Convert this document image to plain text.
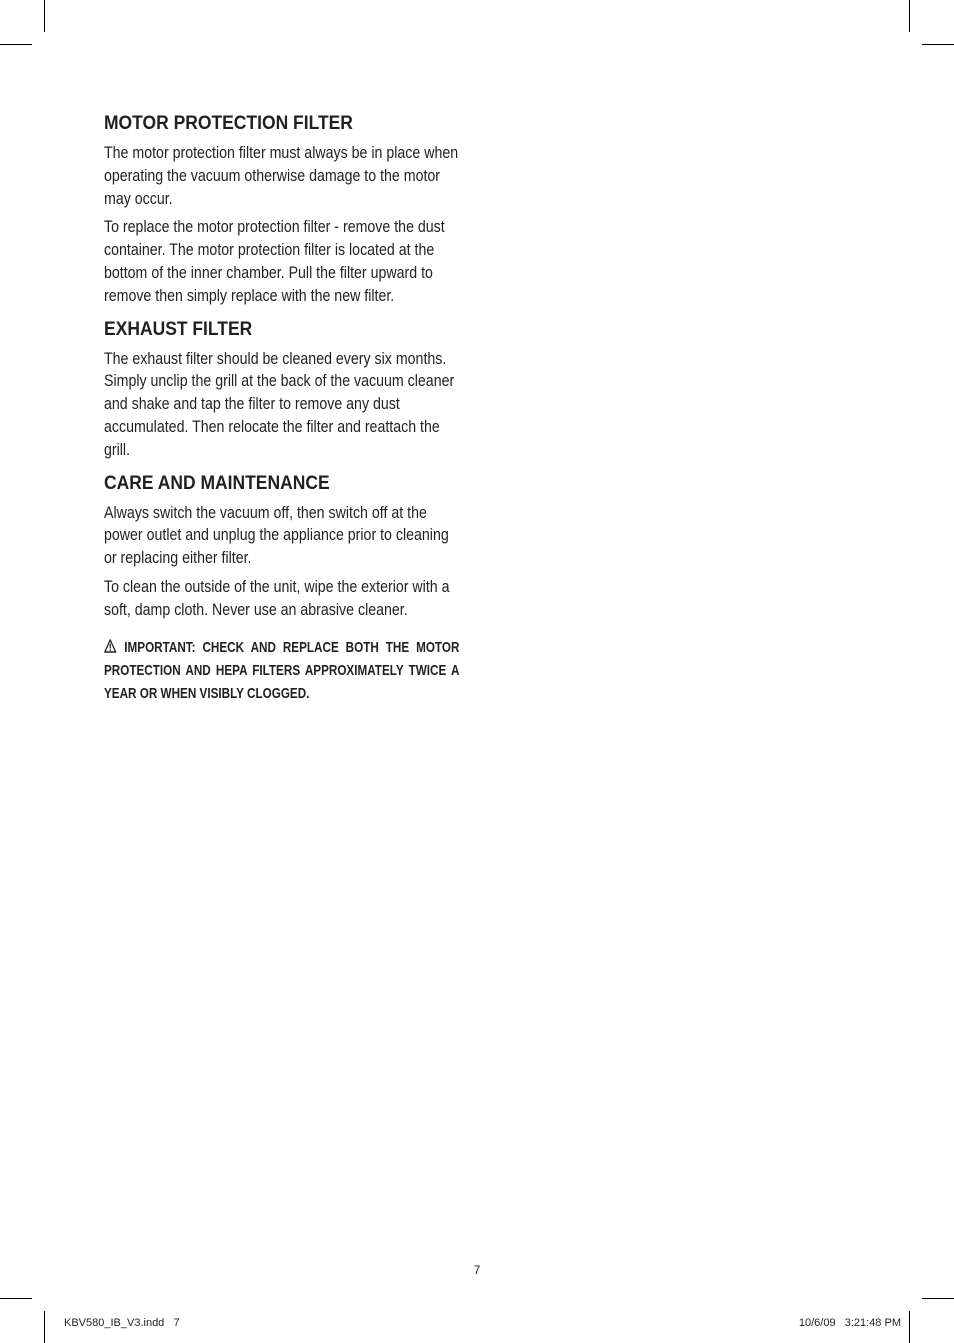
MOTOR PROTECTION FILTER

The motor protection filter must always be in place when operating the vacuum otherwise damage to the motor may occur.

To replace the motor protection filter - remove the dust container. The motor protection filter is located at the bottom of the inner chamber. Pull the filter upward to remove then simply replace with the new filter.

EXHAUST FILTER

The exhaust filter should be cleaned every six months. Simply unclip the grill at the back of the vacuum cleaner and shake and tap the filter to remove any dust accumulated. Then relocate the filter and reattach the grill.

CARE AND MAINTENANCE

Always switch the vacuum off, then switch off at the power outlet and unplug the appliance prior to cleaning or replacing either filter.

To clean the outside of the unit, wipe the exterior with a soft, damp cloth. Never use an abrasive cleaner.

IMPORTANT: CHECK AND REPLACE BOTH THE MOTOR PROTECTION AND HEPA FILTERS APPROXIMATELY TWICE A YEAR OR WHEN VISIBLY CLOGGED.

7
KBV580_IB_V3.indd   7	10/6/09   3:21:48 PM
